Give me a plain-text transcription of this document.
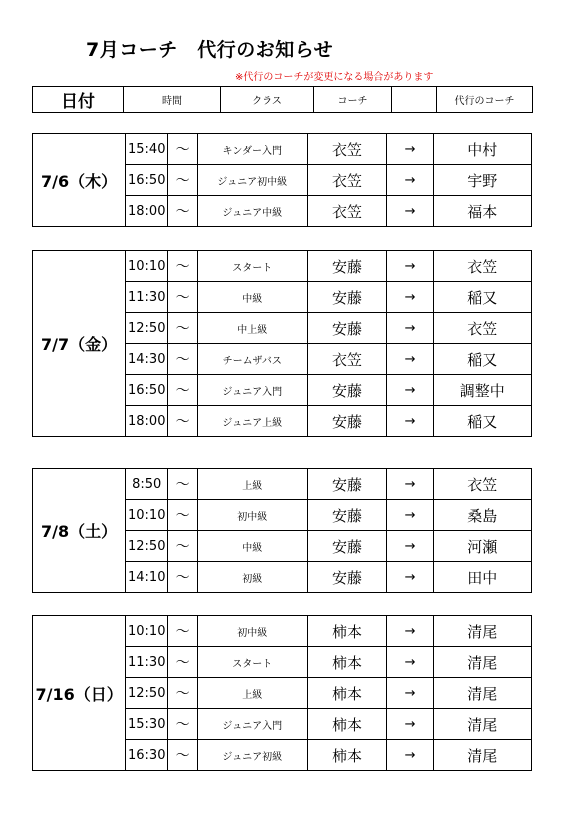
7月コーチ　代行のお知らせ
※代行のコーチが変更になる場合があります
日付	時間	クラス	コーチ		代行のコーチ
7/6（木）	15:40	〜	キンダー入門	衣笠	→	中村
	16:50	〜	ジュニア初中級	衣笠	→	宇野
	18:00	〜	ジュニア中級	衣笠	→	福本
7/7（金）	10:10	〜	スタート	安藤	→	衣笠
	11:30	〜	中級	安藤	→	稲又
	12:50	〜	中上級	安藤	→	衣笠
	14:30	〜	チームザバス	衣笠	→	稲又
	16:50	〜	ジュニア入門	安藤	→	調整中
	18:00	〜	ジュニア上級	安藤	→	稲又
7/8（土）	8:50	〜	上級	安藤	→	衣笠
	10:10	〜	初中級	安藤	→	桑島
	12:50	〜	中級	安藤	→	河瀬
	14:10	〜	初級	安藤	→	田中
7/16（日）	10:10	〜	初中級	柿本	→	清尾
	11:30	〜	スタート	柿本	→	清尾
	12:50	〜	上級	柿本	→	清尾
	15:30	〜	ジュニア入門	柿本	→	清尾
	16:30	〜	ジュニア初級	柿本	→	清尾
